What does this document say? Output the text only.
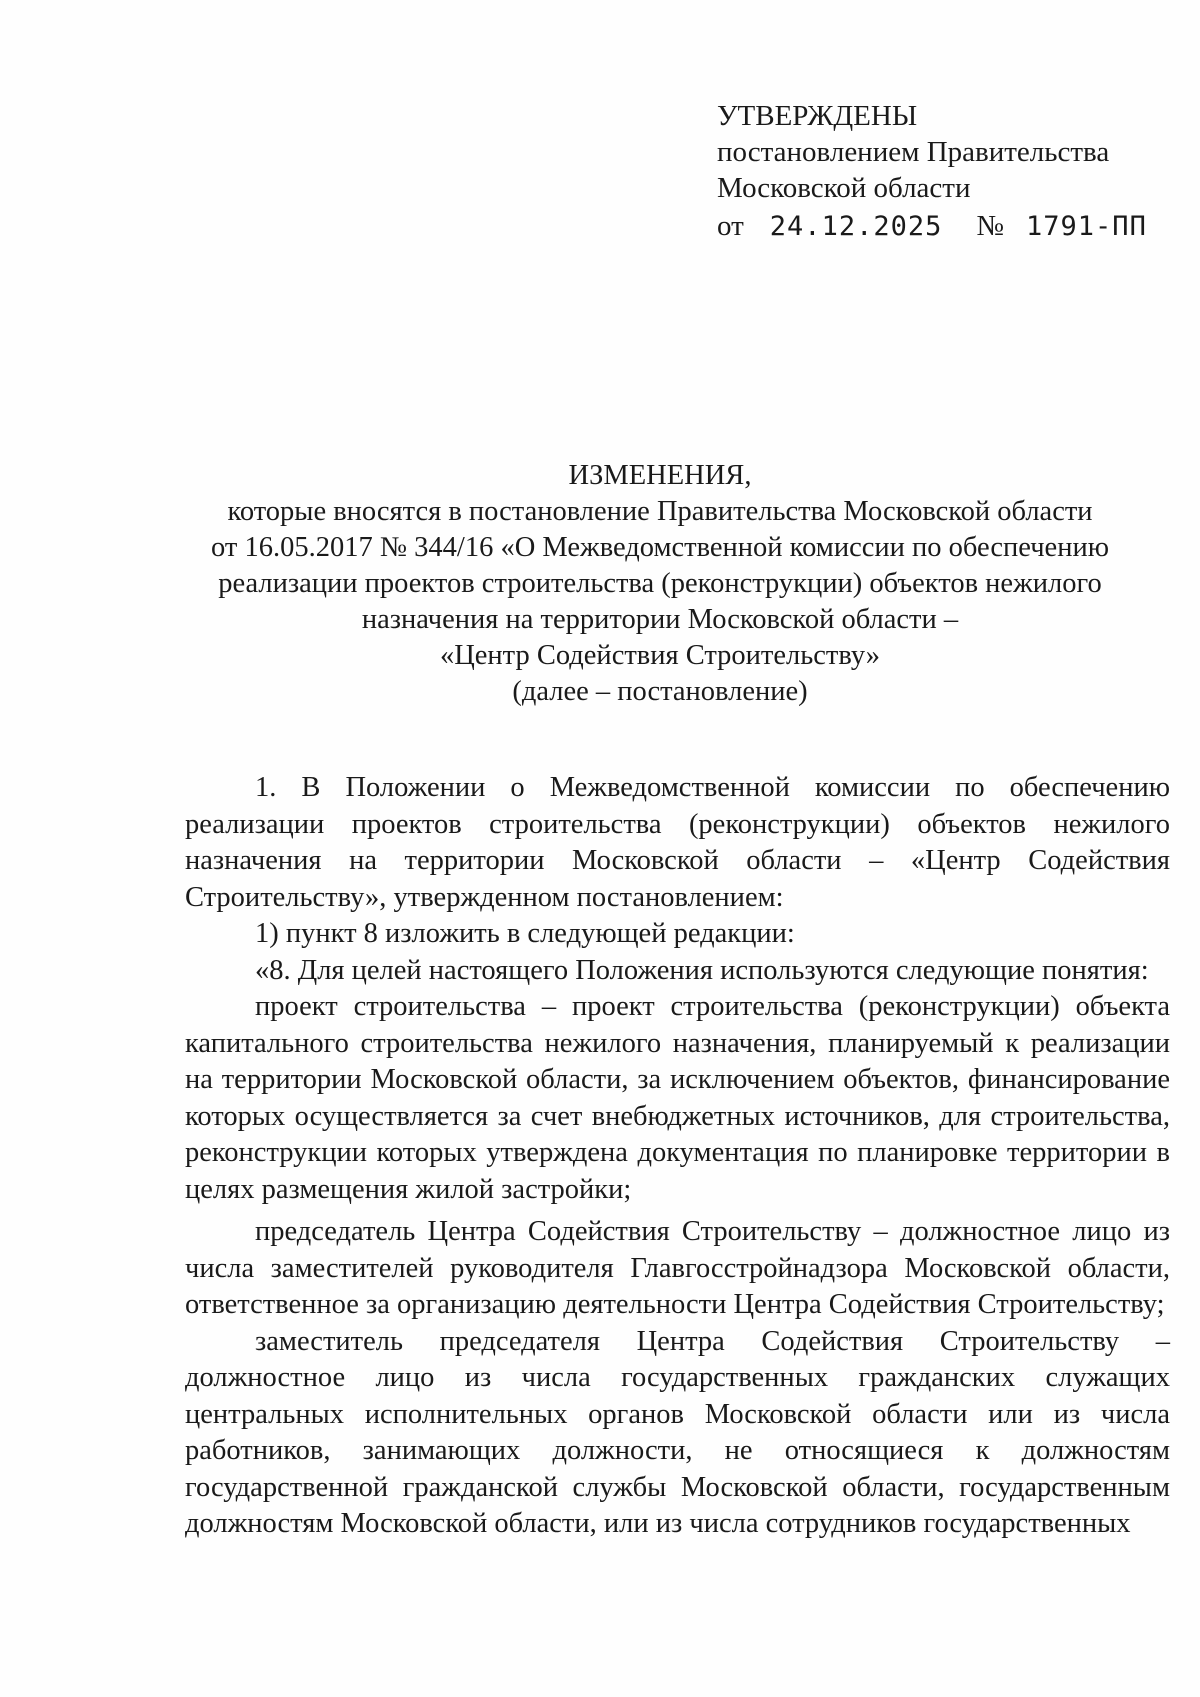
УТВЕРЖДЕНЫ
постановлением Правительства
Московской области
от 24.12.2025 № 1791-ПП
ИЗМЕНЕНИЯ,
которые вносятся в постановление Правительства Московской области
от 16.05.2017 № 344/16 «О Межведомственной комиссии по обеспечению
реализации проектов строительства (реконструкции) объектов нежилого
назначения на территории Московской области –
«Центр Содействия Строительству»
(далее – постановление)

1. В Положении о Межведомственной комиссии по обеспечению реализации проектов строительства (реконструкции) объектов нежилого назначения на территории Московской области – «Центр Содействия Строительству», утвержденном постановлением:

1) пункт 8 изложить в следующей редакции:

«8. Для целей настоящего Положения используются следующие понятия:

проект строительства – проект строительства (реконструкции) объекта капитального строительства нежилого назначения, планируемый к реализации на территории Московской области, за исключением объектов, финансирование которых осуществляется за счет внебюджетных источников, для строительства, реконструкции которых утверждена документация по планировке территории в целях размещения жилой застройки;

председатель Центра Содействия Строительству – должностное лицо из числа заместителей руководителя Главгосстройнадзора Московской области, ответственное за организацию деятельности Центра Содействия Строительству;

заместитель председателя Центра Содействия Строительству – должностное лицо из числа государственных гражданских служащих центральных исполнительных органов Московской области или из числа работников, занимающих должности, не относящиеся к должностям государственной гражданской службы Московской области, государственным должностям Московской области, или из числа сотрудников государственных
